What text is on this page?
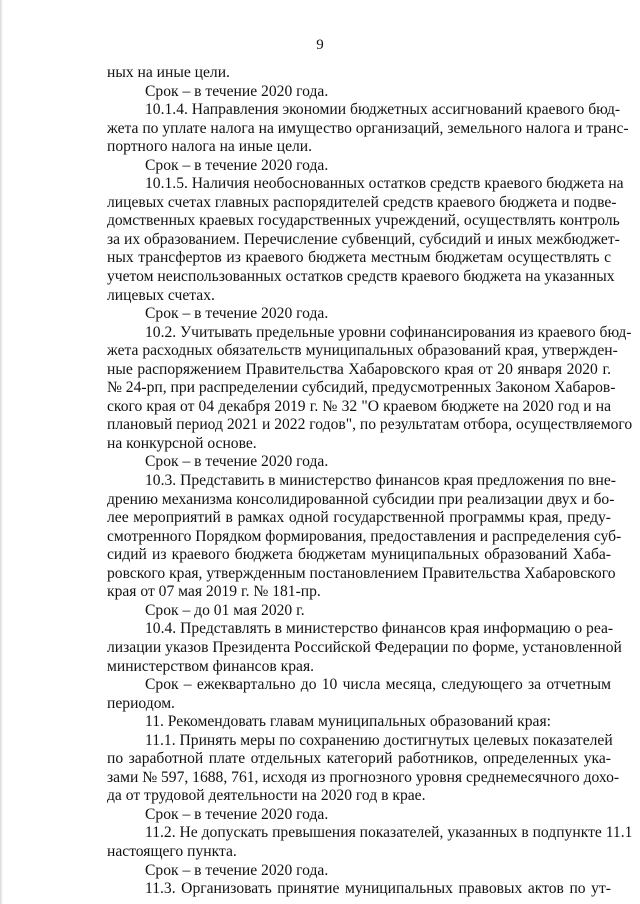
9
ных на иные цели.
Срок – в течение 2020 года.
10.1.4. Направления экономии бюджетных ассигнований краевого бюд-
жета по уплате налога на имущество организаций, земельного налога и транс-
портного налога на иные цели.
Срок – в течение 2020 года.
10.1.5. Наличия необоснованных остатков средств краевого бюджета на
лицевых счетах главных распорядителей средств краевого бюджета и подве-
домственных краевых государственных учреждений, осуществлять контроль
за их образованием. Перечисление субвенций, субсидий и иных межбюджет-
ных трансфертов из краевого бюджета местным бюджетам осуществлять с
учетом неиспользованных остатков средств краевого бюджета на указанных
лицевых счетах.
Срок – в течение 2020 года.
10.2. Учитывать предельные уровни софинансирования из краевого бюд-
жета расходных обязательств муниципальных образований края, утвержден-
ные распоряжением Правительства Хабаровского края от 20 января 2020 г.
№ 24-рп, при распределении субсидий, предусмотренных Законом Хабаров-
ского края от 04 декабря 2019 г. № 32 "О краевом бюджете на 2020 год и на
плановый период 2021 и 2022 годов", по результатам отбора, осуществляемого
на конкурсной основе.
Срок – в течение 2020 года.
10.3. Представить в министерство финансов края предложения по вне-
дрению механизма консолидированной субсидии при реализации двух и бо-
лее мероприятий в рамках одной государственной программы края, преду-
смотренного Порядком формирования, предоставления и распределения суб-
сидий из краевого бюджета бюджетам муниципальных образований Хаба-
ровского края, утвержденным постановлением Правительства Хабаровского
края от 07 мая 2019 г. № 181-пр.
Срок – до 01 мая 2020 г.
10.4. Представлять в министерство финансов края информацию о реа-
лизации указов Президента Российской Федерации по форме, установленной
министерством финансов края.
Срок – ежеквартально до 10 числа месяца, следующего за отчетным
периодом.
11. Рекомендовать главам муниципальных образований края:
11.1. Принять меры по сохранению достигнутых целевых показателей
по заработной плате отдельных категорий работников, определенных ука-
зами № 597, 1688, 761, исходя из прогнозного уровня среднемесячного дохо-
да от трудовой деятельности на 2020 год в крае.
Срок – в течение 2020 года.
11.2. Не допускать превышения показателей, указанных в подпункте 11.1
настоящего пункта.
Срок – в течение 2020 года.
11.3. Организовать принятие муниципальных правовых актов по ут-
